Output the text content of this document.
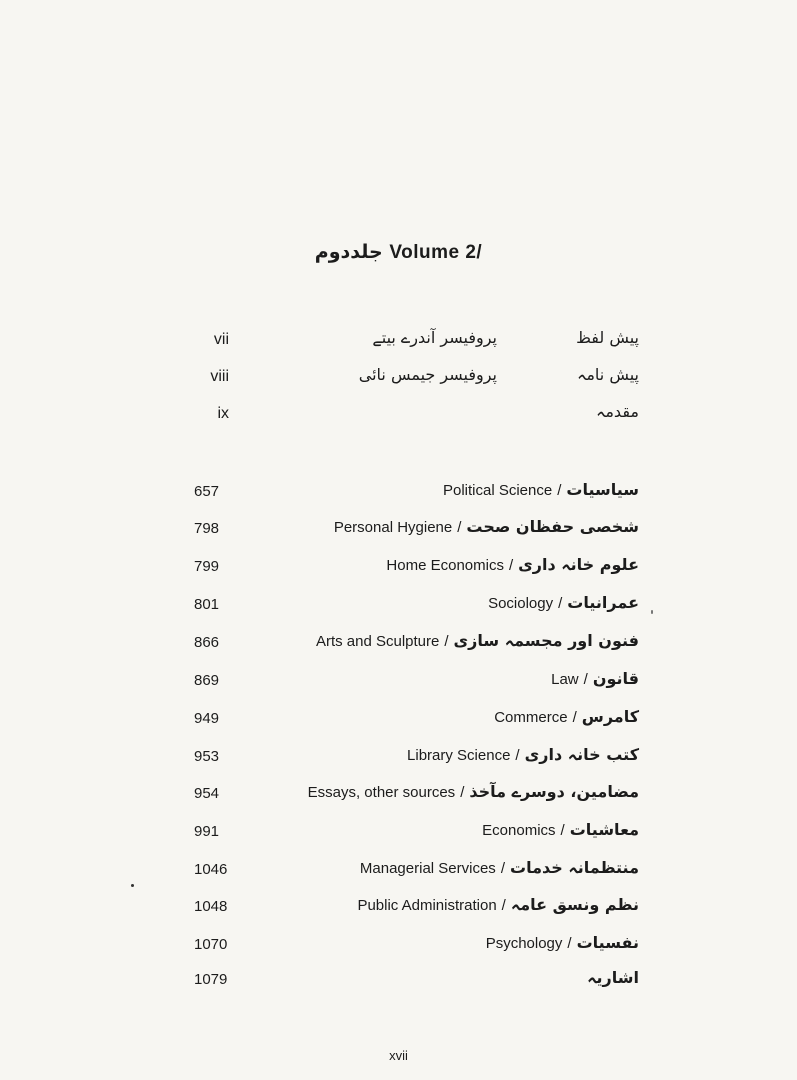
جلددوم Volume 2/
vii	پروفیسر آندرے بیتے	پیش لفظ
viii	پروفیسر جیمس نائی	پیش نامہ
ix	مقدمہ
657	Political Science / سیاسیات
798	Personal Hygiene / شخصی حفظان صحت
799	Home Economics / علوم خانہ داری
801	Sociology / عمرانیات
866	Arts and Sculpture / فنون اور مجسمہ سازی
869	Law / قانون
949	Commerce / کامرس
953	Library Science / کتب خانہ داری
954	Essays, other sources / مضامین، دوسرے مآخذ
991	Economics / معاشیات
1046	Managerial Services / منتظمانہ خدمات
1048	Public Administration / نظم ونسق عامہ
1070	Psychology / نفسیات
1079	اشاریہ
xvii
